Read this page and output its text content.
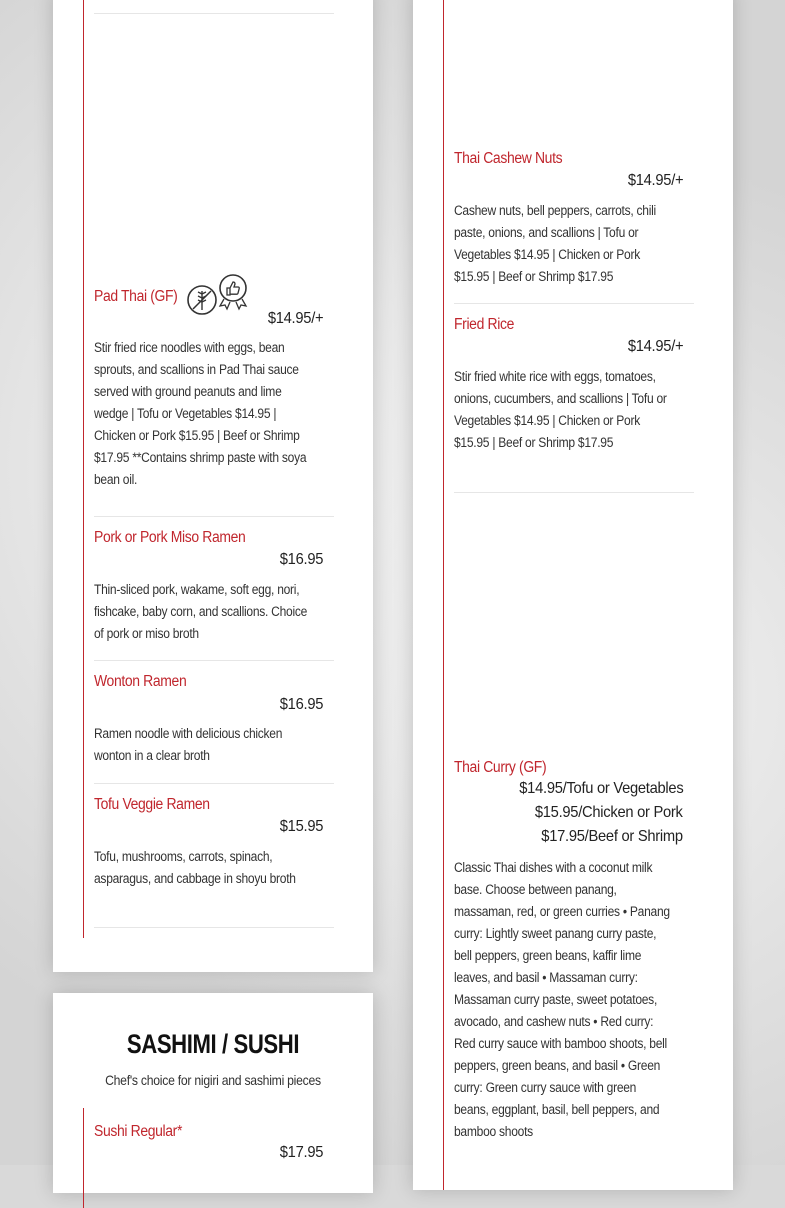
Pad Thai (GF)
$14.95/+
Stir fried rice noodles with eggs, bean sprouts, and scallions in Pad Thai sauce served with ground peanuts and lime wedge | Tofu or Vegetables $14.95 | Chicken or Pork $15.95 | Beef or Shrimp $17.95 **Contains shrimp paste with soya bean oil.
Pork or Pork Miso Ramen
$16.95
Thin-sliced pork, wakame, soft egg, nori, fishcake, baby corn, and scallions. Choice of pork or miso broth
Wonton Ramen
$16.95
Ramen noodle with delicious chicken wonton in a clear broth
Tofu Veggie Ramen
$15.95
Tofu, mushrooms, carrots, spinach, asparagus, and cabbage in shoyu broth
SASHIMI / SUSHI
Chef's choice for nigiri and sashimi pieces
Sushi Regular*
$17.95
Thai Cashew Nuts
$14.95/+
Cashew nuts, bell peppers, carrots, chili paste, onions, and scallions | Tofu or Vegetables $14.95 | Chicken or Pork $15.95 | Beef or Shrimp $17.95
Fried Rice
$14.95/+
Stir fried white rice with eggs, tomatoes, onions, cucumbers, and scallions | Tofu or Vegetables $14.95 | Chicken or Pork $15.95 | Beef or Shrimp $17.95
Thai Curry (GF)
$14.95/Tofu or Vegetables
$15.95/Chicken or Pork
$17.95/Beef or Shrimp
Classic Thai dishes with a coconut milk base. Choose between panang, massaman, red, or green curries • Panang curry: Lightly sweet panang curry paste, bell peppers, green beans, kaffir lime leaves, and basil • Massaman curry: Massaman curry paste, sweet potatoes, avocado, and cashew nuts • Red curry: Red curry sauce with bamboo shoots, bell peppers, green beans, and basil • Green curry: Green curry sauce with green beans, eggplant, basil, bell peppers, and bamboo shoots
